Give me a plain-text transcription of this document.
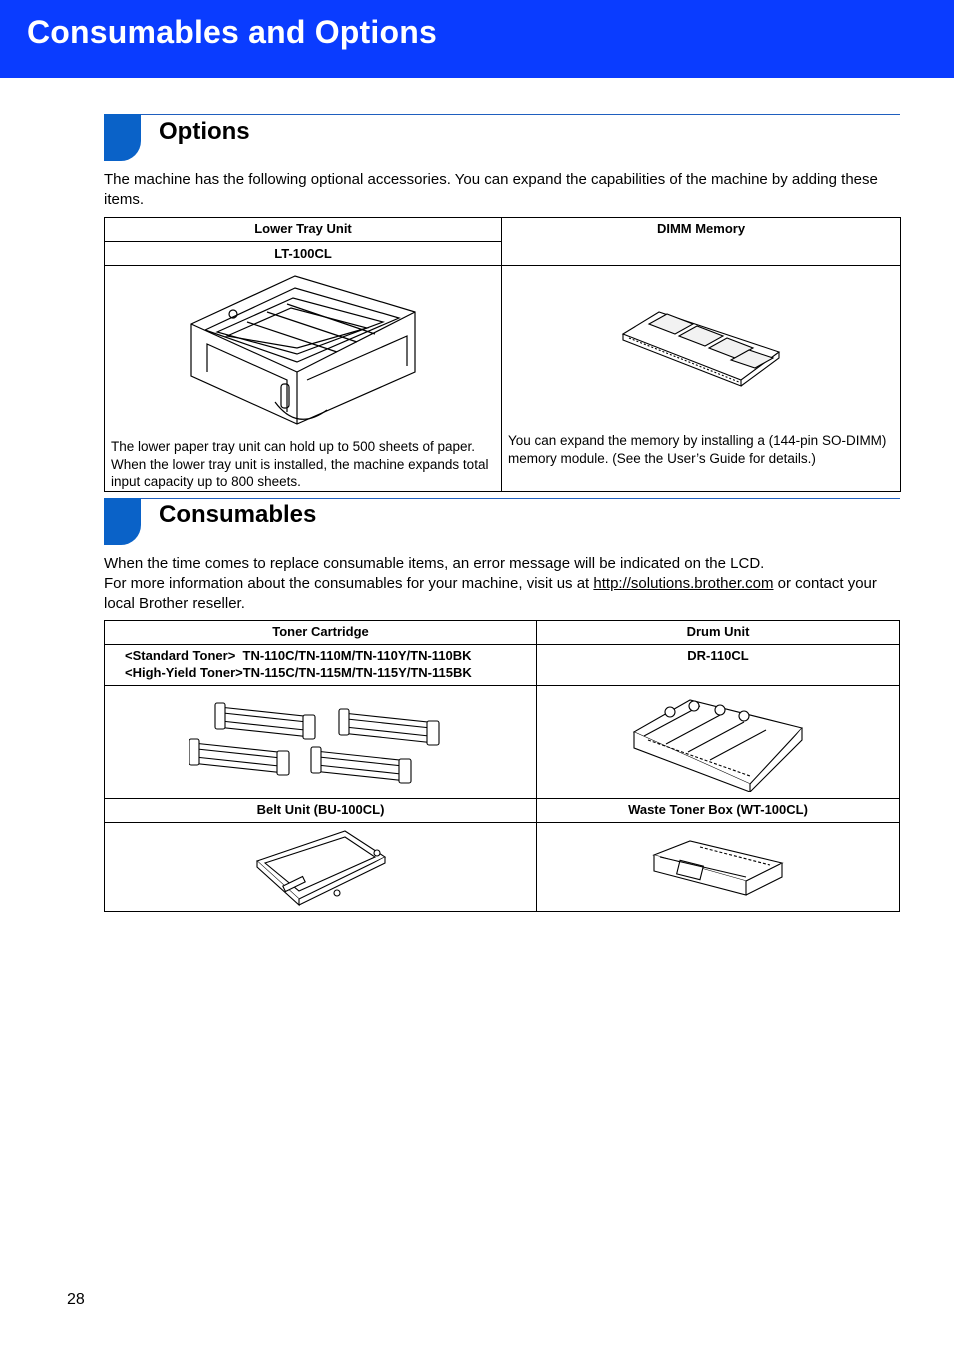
Consumables and Options
Options

The machine has the following optional accessories. You can expand the capabilities of the machine by adding these items.

Lower Tray Unit	DIMM Memory
LT-100CL	

The lower paper tray unit can hold up to 500 sheets of paper. When the lower tray unit is installed, the machine expands total input capacity up to 800 sheets.	You can expand the memory by installing a (144-pin SO-DIMM) memory module. (See the User’s Guide for details.)
Consumables

When the time comes to replace consumable items, an error message will be indicated on the LCD.
For more information about the consumables for your machine, visit us at http://solutions.brother.com or contact your local Brother reseller.

Toner Cartridge	Drum Unit

<Standard Toner>  TN-110C/TN-110M/TN-110Y/TN-110BK
<High-Yield Toner>TN-115C/TN-115M/TN-115Y/TN-115BK	DR-110CL

Belt Unit (BU-100CL)	Waste Toner Box (WT-100CL)

28
